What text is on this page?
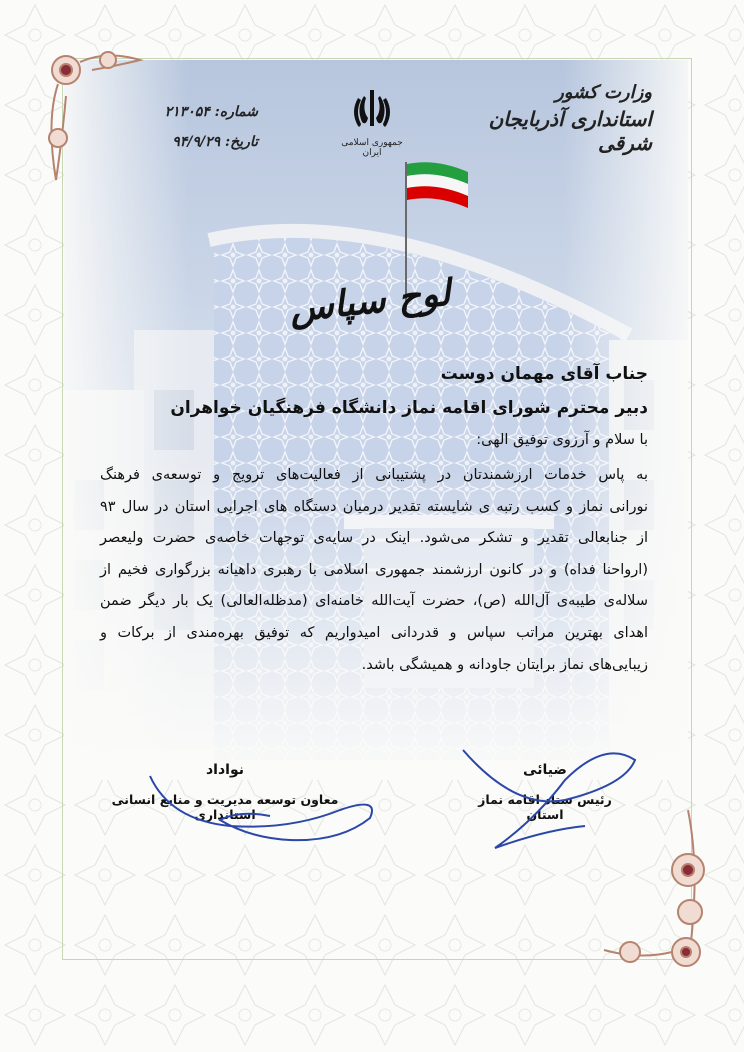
وزارت کشور
استانداری آذربایجان شرقی
جمهوری اسلامی ایران
شماره: ۲۱۳۰۵۴
تاریخ: ۹۴/۹/۲۹
لوح سپاس
جناب آقای مهمان دوست
دبیر محترم شورای اقامه نماز دانشگاه فرهنگیان خواهران
با سلام و آرزوی توفیق الهی:

به پاس خدمات ارزشمندتان در پشتیبانی از فعالیت‌های ترویج و توسعه‌ی فرهنگ

نورانی نماز و کسب رتبه ی شایسته تقدیر درمیان دستگاه های اجرایی استان در سال ۹۳

از جنابعالی تقدیر و تشکر می‌شود. اینک در سایه‌ی توجهات خاصه‌ی حضرت ولیعصر

(ارواحنا فداه) و در کانون ارزشمند جمهوری اسلامی با رهبری داهیانه بزرگواری فخیم از

سلاله‌ی طیبه‌ی آل‌الله (ص)، حضرت آیت‌الله خامنه‌ای (مدظله‌العالی) یک بار دیگر ضمن

اهدای بهترین مراتب سپاس و قدردانی امیدواریم که توفیق بهره‌مندی از برکات و

زیبایی‌های نماز برایتان جاودانه و همیشگی باشد.

ضیائی
رئیس ستاد اقامه نماز استان
نواداد
معاون توسعه مدیریت و منابع انسانی استانداری
